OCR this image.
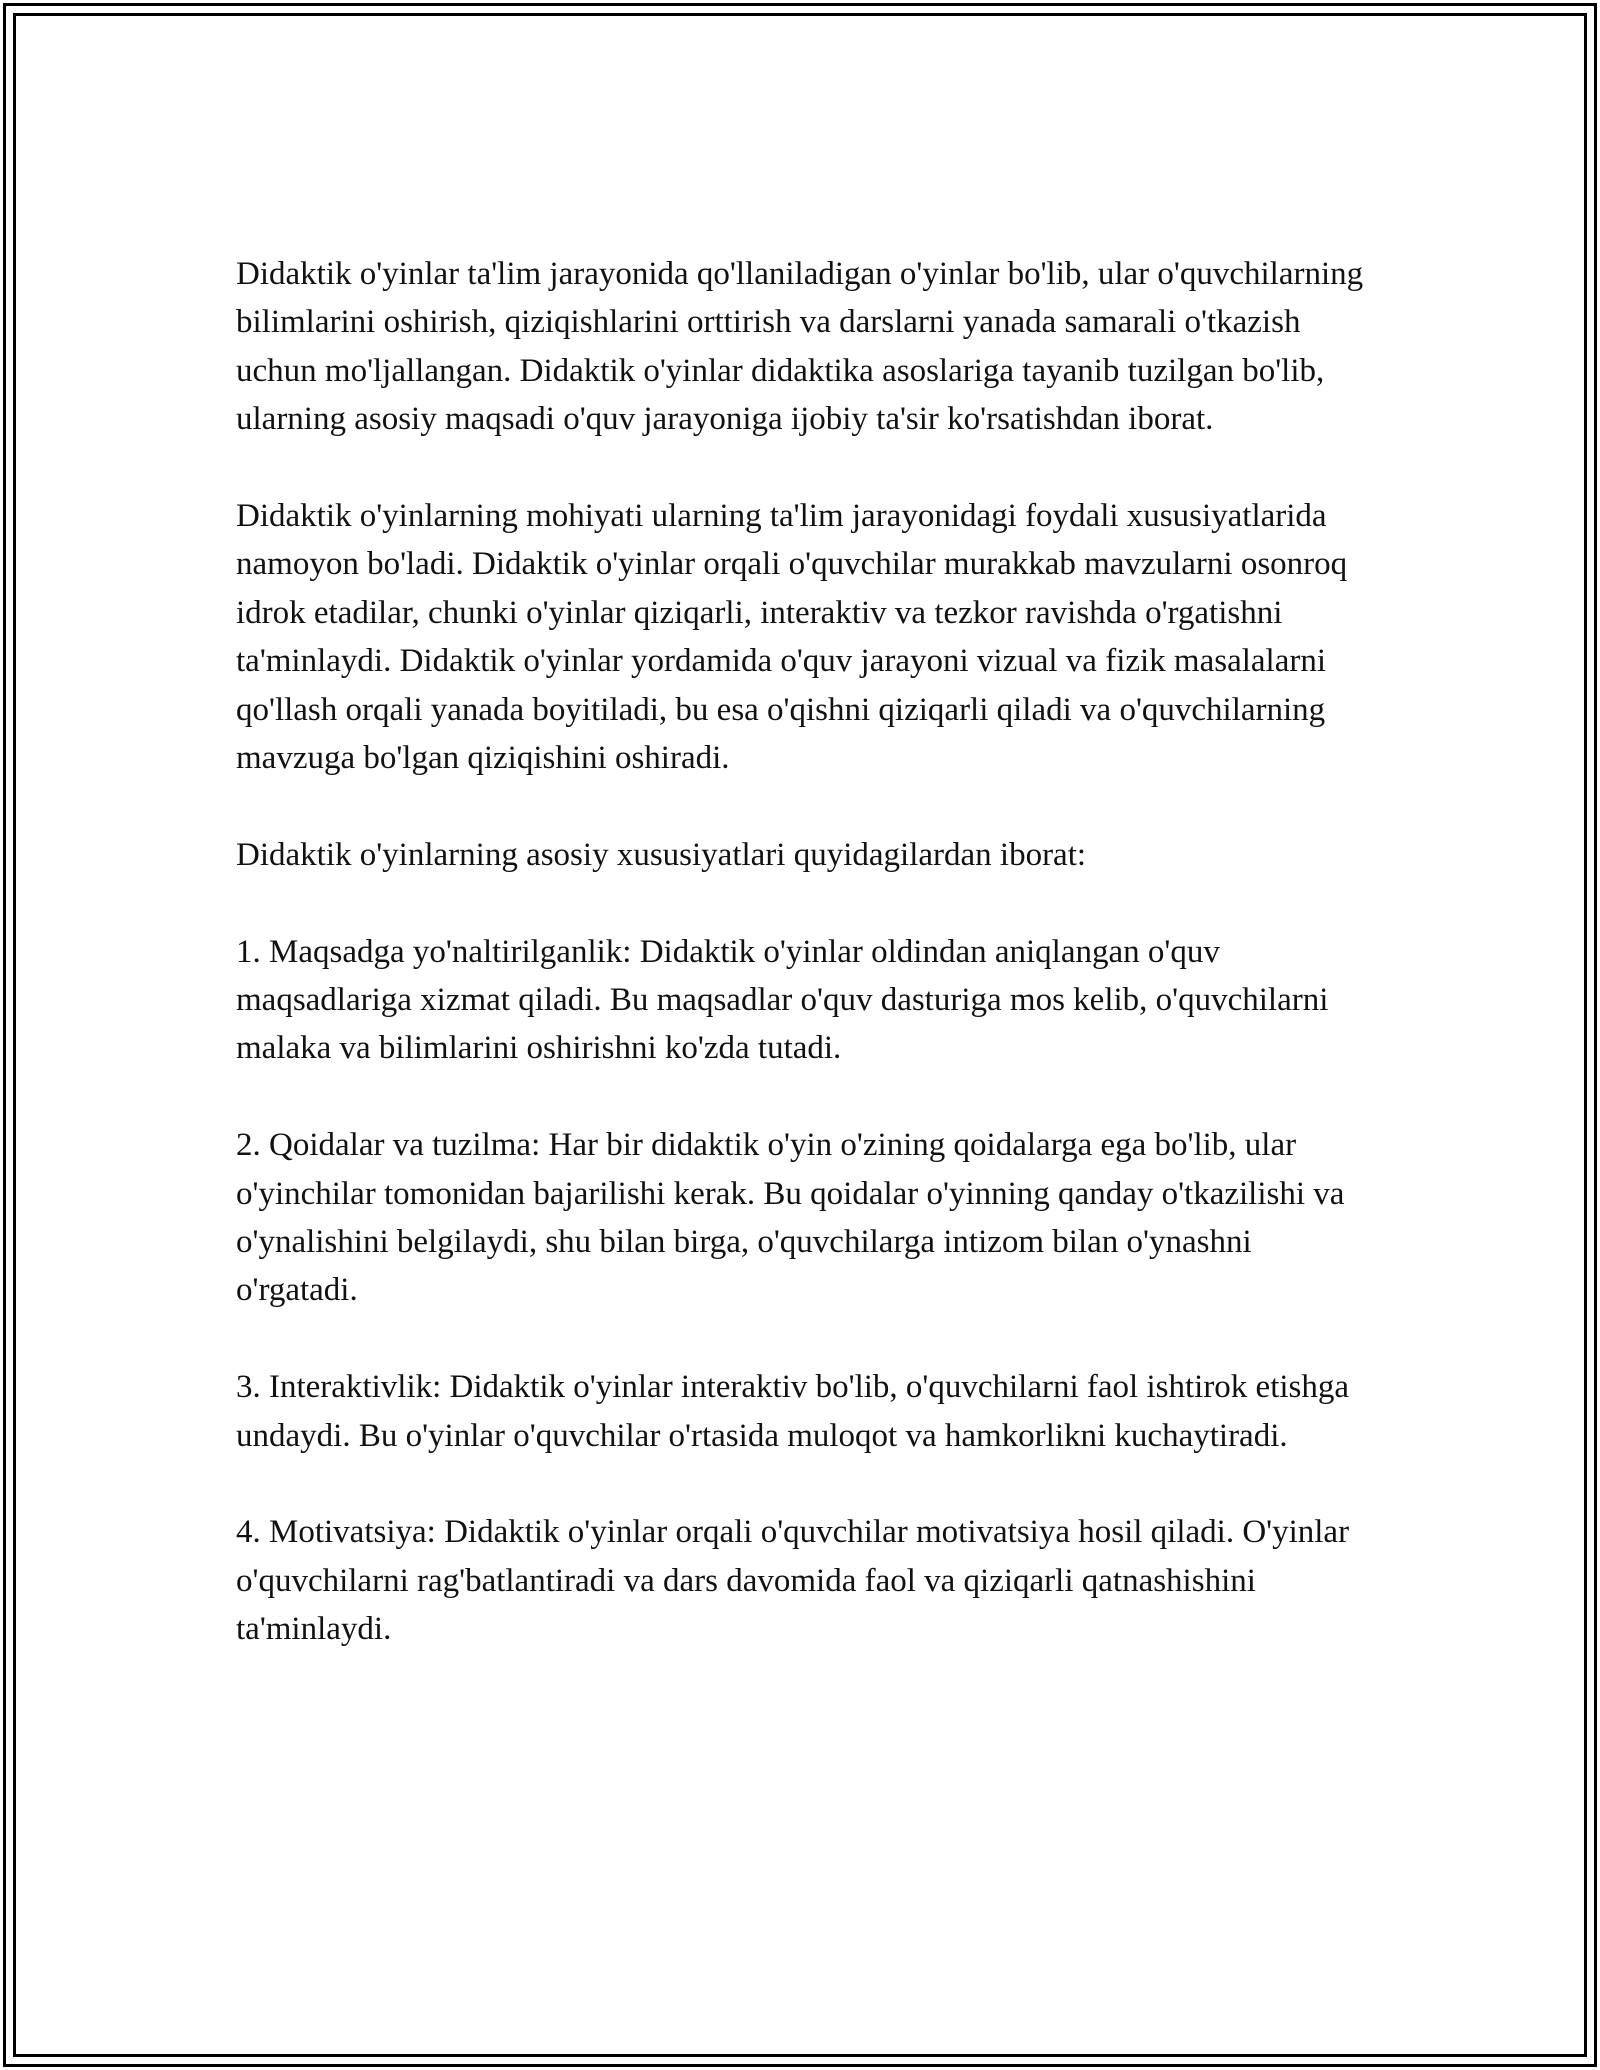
Didaktik o'yinlar ta'lim jarayonida qo'llaniladigan o'yinlar bo'lib, ular o'quvchilarning bilimlarini oshirish, qiziqishlarini orttirish va darslarni yanada samarali o'tkazish uchun mo'ljallangan. Didaktik o'yinlar didaktika asoslariga tayanib tuzilgan bo'lib, ularning asosiy maqsadi o'quv jarayoniga ijobiy ta'sir ko'rsatishdan iborat.

Didaktik o'yinlarning mohiyati ularning ta'lim jarayonidagi foydali xususiyatlarida namoyon bo'ladi. Didaktik o'yinlar orqali o'quvchilar murakkab mavzularni osonroq idrok etadilar, chunki o'yinlar qiziqarli, interaktiv va tezkor ravishda o'rgatishni ta'minlaydi. Didaktik o'yinlar yordamida o'quv jarayoni vizual va fizik masalalarni qo'llash orqali yanada boyitiladi, bu esa o'qishni qiziqarli qiladi va o'quvchilarning mavzuga bo'lgan qiziqishini oshiradi.

Didaktik o'yinlarning asosiy xususiyatlari quyidagilardan iborat:

1. Maqsadga yo'naltirilganlik: Didaktik o'yinlar oldindan aniqlangan o'quv maqsadlariga xizmat qiladi. Bu maqsadlar o'quv dasturiga mos kelib, o'quvchilarni malaka va bilimlarini oshirishni ko'zda tutadi.

2. Qoidalar va tuzilma: Har bir didaktik o'yin o'zining qoidalarga ega bo'lib, ular o'yinchilar tomonidan bajarilishi kerak. Bu qoidalar o'yinning qanday o'tkazilishi va o'ynalishini belgilaydi, shu bilan birga, o'quvchilarga intizom bilan o'ynashni o'rgatadi.

3. Interaktivlik: Didaktik o'yinlar interaktiv bo'lib, o'quvchilarni faol ishtirok etishga undaydi. Bu o'yinlar o'quvchilar o'rtasida muloqot va hamkorlikni kuchaytiradi.

4. Motivatsiya: Didaktik o'yinlar orqali o'quvchilar motivatsiya hosil qiladi. O'yinlar o'quvchilarni rag'batlantiradi va dars davomida faol va qiziqarli qatnashishini ta'minlaydi.
